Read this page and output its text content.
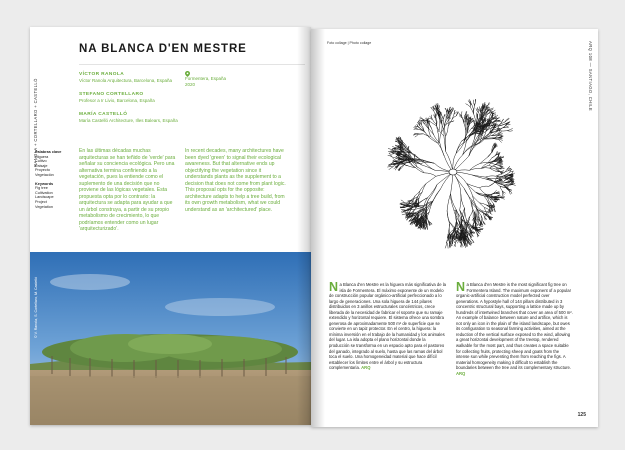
RANOLA + CORTELLARO + CASTELLÓ
NA BLANCA D'EN MESTRE
VÍCTOR RANOLA
Víctor Ranola Arquitectura, Barcelona, España
STEFANO CORTELLARO
Profesor a Ir Livio, Barcelona, España
MARÍA CASTELLÓ
María Castelló Architecture, Illes Balears, España
Formentera, España
2020
Palabras clave
Higuera
Cultivo
Paisaje
Proyecto
Vegetación
Keywords
Fig tree
Cultivation
Landscape
Project
Vegetation
En las últimas décadas muchas arquitecturas se han teñido de 'verde' para señalar su conciencia ecológica. Pero una alternativa termina confiriendo a la vegetación, pues la entiende como el suplemento de una decisión que no proviene de las lógicas vegetales. Esta propuesta opta por lo contrario: la arquitectura se adapta para ayudar a que un árbol construya, a partir de su propio metabolismo de crecimiento, lo que podríamos entender como un lugar 'arquitecturizado'.
In recent decades, many architectures have been dyed 'green' to signal their ecological awareness. But that alternative ends up objectifying the vegetation since it understands plants as the supplement to a decision that does not come from plant logic. This proposal opts for the opposite: architecture adapts to help a tree build, from its own growth metabolism, what we could understand as an 'architectured' place.
© V. Ranola, S. Cortellaro, M. Castelló
Foto collage | Photo collage	ARQ 108 — SANTIAGO, CHILE
Na Blanca d'en Mestre es la higuera más significativa de la isla de Formentera. El máximo exponente de un modelo de construcción popular orgánico-artificial perfeccionado a lo largo de generaciones. Una sola higuera de 144 pilares distribuidos en 3 anillos estructurales concéntricos, crece liberada de la necesidad de fabricar el soporte que su ramaje extendido y horizontal requiere. El sistema ofrece una sombra generosa de aproximadamente 500 m² de superficie que se convierte en un tapiz protector. En el centro, la higuera: la mínima inversión en el trabajo de la humanidad y los animales del lugar. La isla adopta el plano horizontal donde la producción se transforma en un espacio apto para el pastoreo del ganado, integrado al suelo, hasta que las ramas del árbol toca el suelo. Una homogeneidad material que hace difícil establecer los límites entre el árbol y su estructura complementaria. ARQ
Na Blanca d'en Mestre is the most significant fig tree on Formentera Island. The maximum exponent of a popular organic-artificial construction model perfected over generations. A hypostyle hall of 144 pillars distributed in 3 concentric structural bays, supporting a lattice made up by hundreds of intertwined branches that cover an area of 500 m². An example of balance between nature and artifice, which is not only an icon in the plain of the island landscape, but owes its configuration to seasonal farming activities, aimed at the reduction of the vertical surface exposed to the wind, allowing a great horizontal development of the treetop, rendered walkable for the most part, and thus creates a space suitable for collecting fruits, protecting sheep and goats from the intense sun while preventing them from reaching the figs. A material homogeneity making it difficult to establish the boundaries between the tree and its complementary structure. ARQ
125
